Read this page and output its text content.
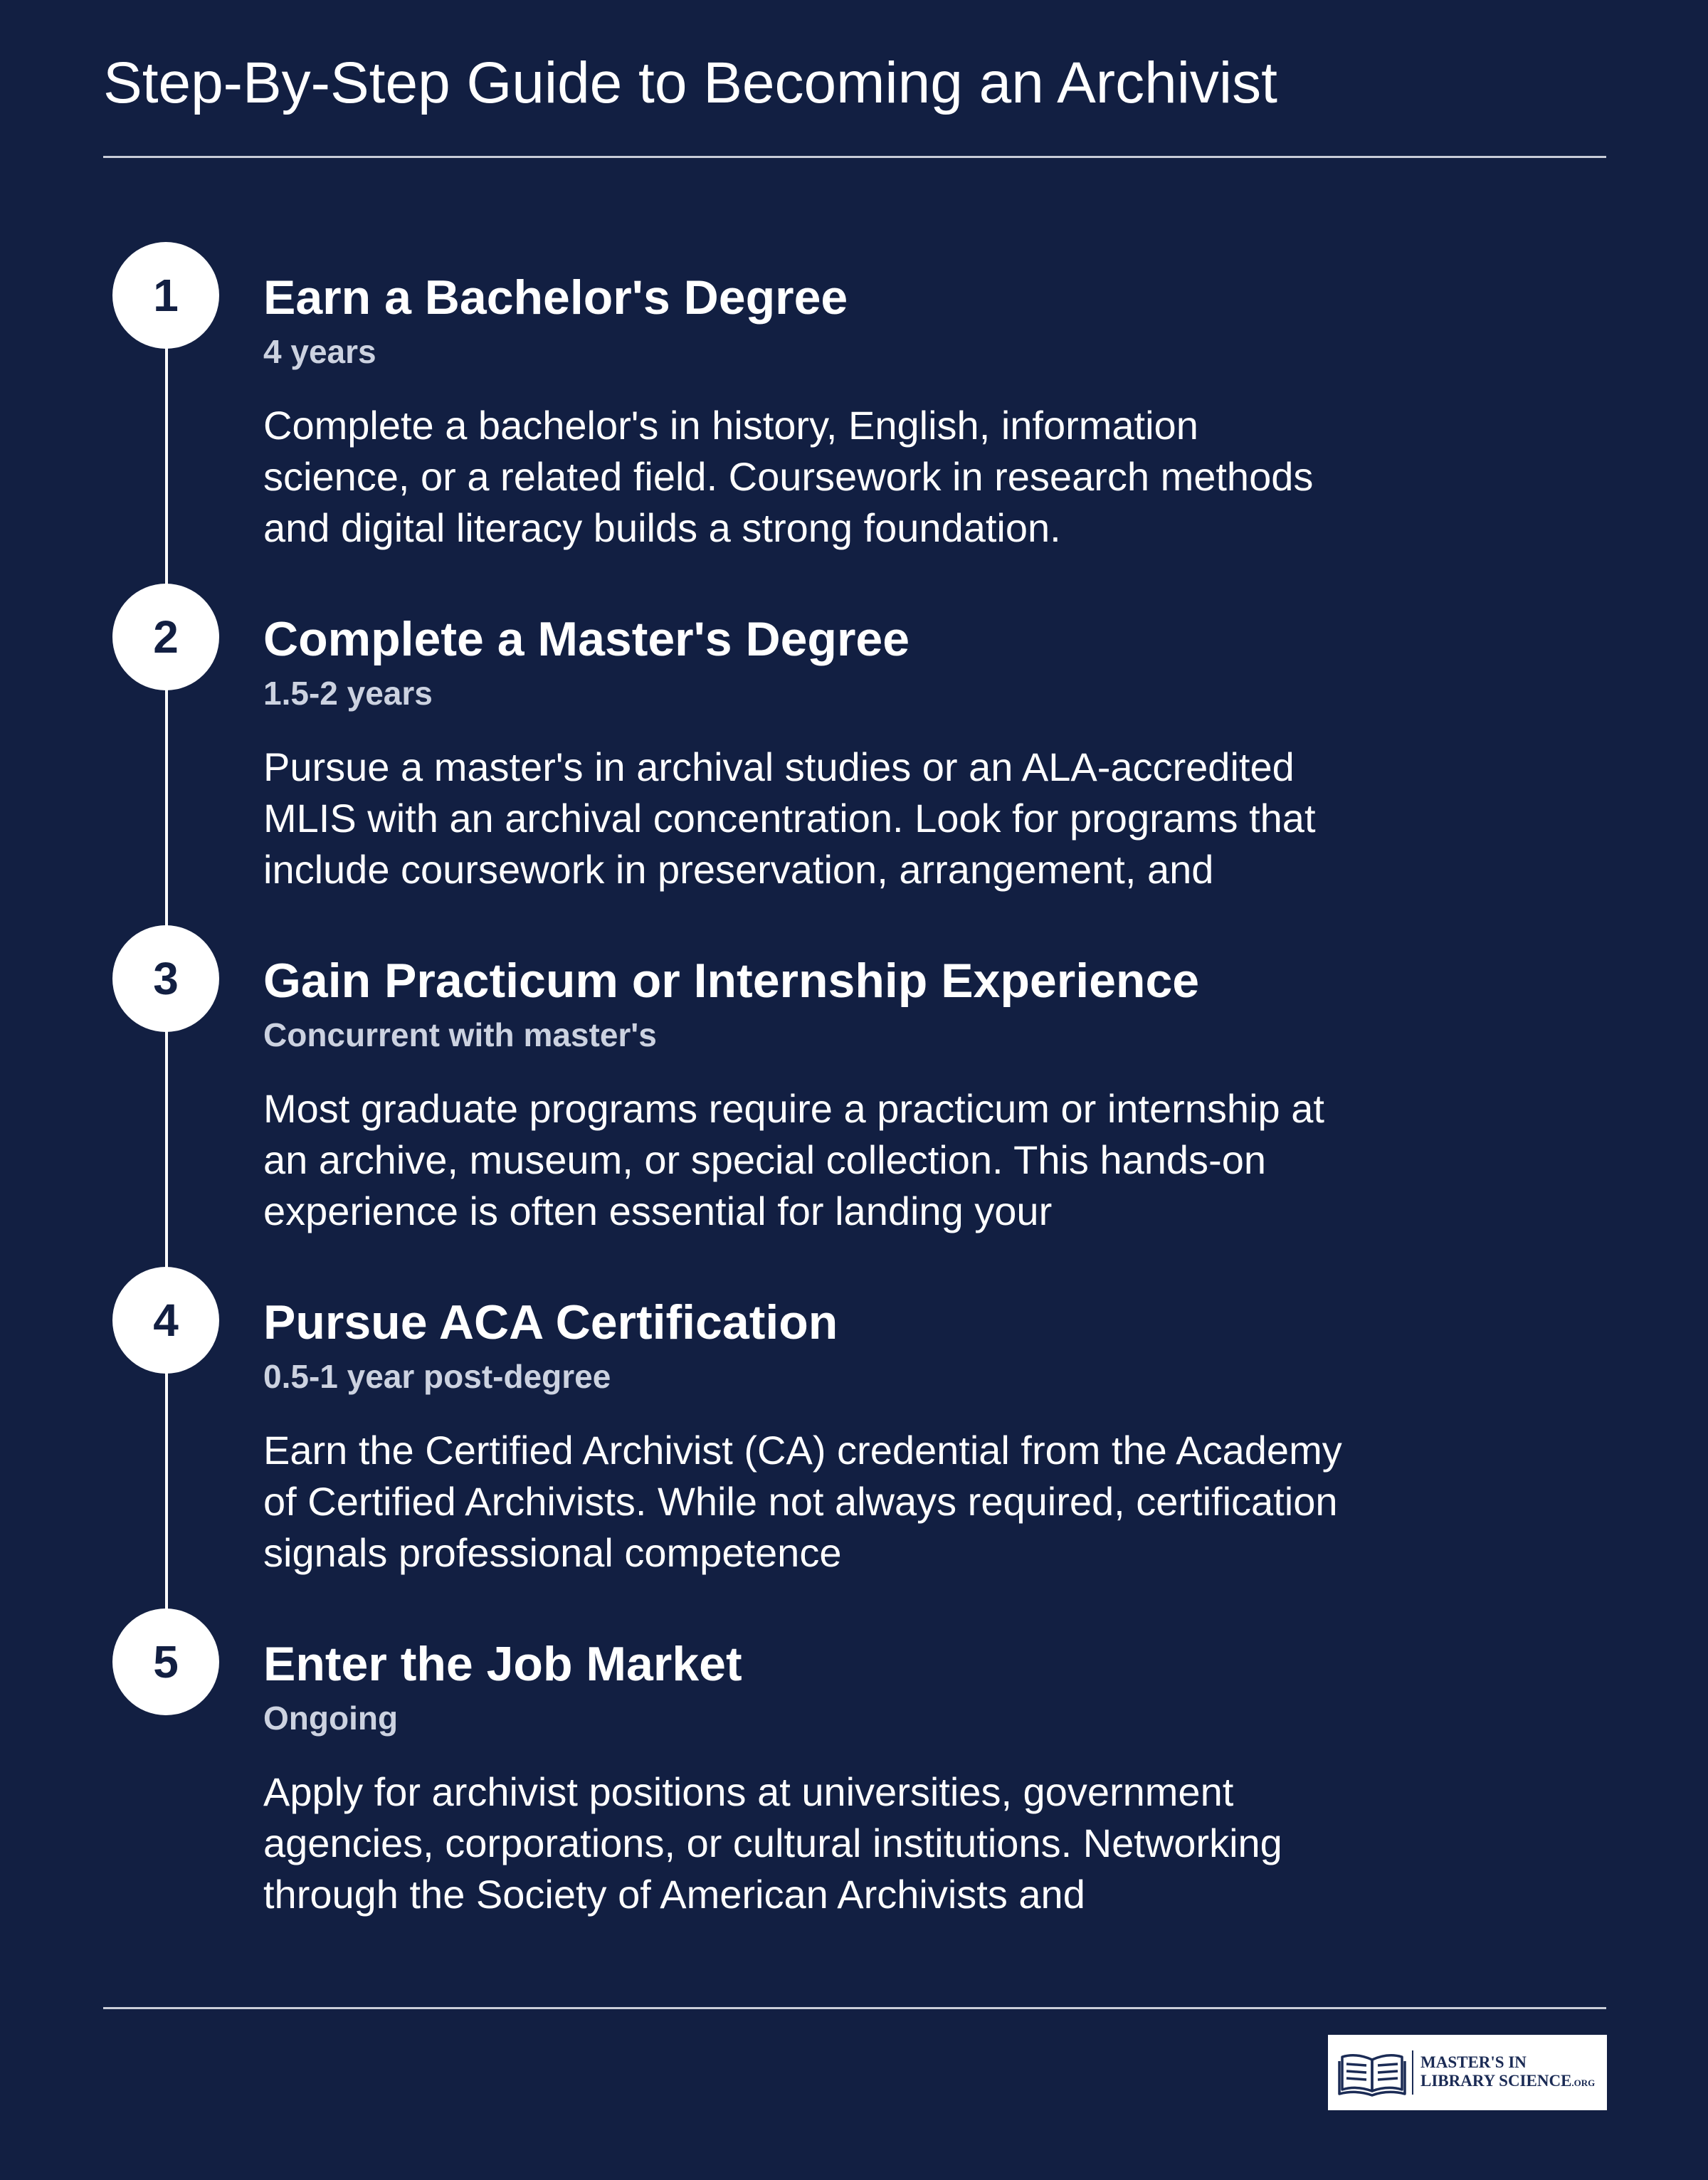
Step-By-Step Guide to Becoming an Archivist
1	Earn a Bachelor's Degree
4 years
Complete a bachelor's in history, English, information science, or a related field. Coursework in research methods and digital literacy builds a strong foundation.
2	Complete a Master's Degree
1.5-2 years
Pursue a master's in archival studies or an ALA-accredited MLIS with an archival concentration. Look for programs that include coursework in preservation, arrangement, and
3	Gain Practicum or Internship Experience
Concurrent with master's
Most graduate programs require a practicum or internship at an archive, museum, or special collection. This hands-on experience is often essential for landing your
4	Pursue ACA Certification
0.5-1 year post-degree
Earn the Certified Archivist (CA) credential from the Academy of Certified Archivists. While not always required, certification signals professional competence
5	Enter the Job Market
Ongoing
Apply for archivist positions at universities, government agencies, corporations, or cultural institutions. Networking through the Society of American Archivists and
MASTER'S IN
LIBRARY SCIENCE.ORG
